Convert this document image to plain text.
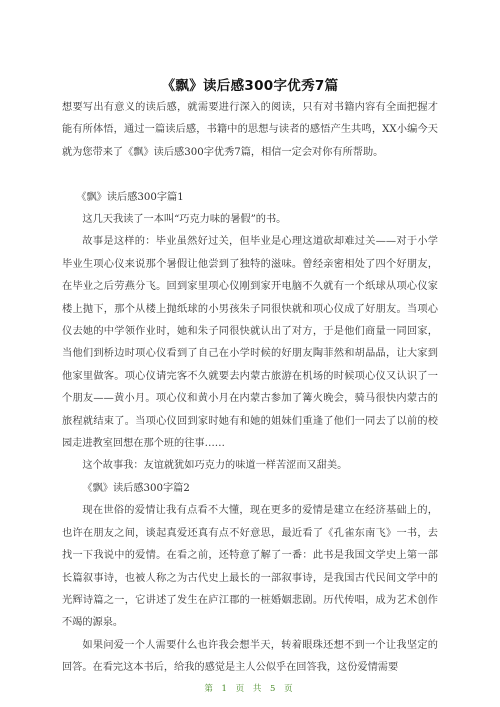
《飘》读后感300字优秀7篇

想要写出有意义的读后感，就需要进行深入的阅读，只有对书籍内容有全面把握才能有所体悟，通过一篇读后感，书籍中的思想与读者的感悟产生共鸣，XX小编今天就为您带来了《飘》读后感300字优秀7篇，相信一定会对你有所帮助。

《飘》读后感300字篇1

这几天我读了一本叫“巧克力味的暑假”的书。

故事是这样的：毕业虽然好过关，但毕业是心理这道砍却难过关——对于小学毕业生项心仪来说那个暑假让他尝到了独特的滋味。曾经亲密相处了四个好朋友，在毕业之后劳燕分飞。回到家里项心仪刚到家开电脑不久就有一个纸球从项心仪家楼上抛下，那个从楼上抛纸球的小男孩朱子同很快就和项心仪成了好朋友。当项心仪去她的中学领作业时，她和朱子同很快就认出了对方，于是他们商量一同回家，当他们到桥边时项心仪看到了自己在小学时候的好朋友陶菲然和胡晶晶，让大家到他家里做客。项心仪请完客不久就要去内蒙古旅游在机场的时候项心仪又认识了一个朋友——黄小月。项心仪和黄小月在内蒙古参加了篝火晚会，骑马很快内蒙古的旅程就结束了。当项心仪回到家时她有和她的姐妹们重逢了他们一同去了以前的校园走进教室回想在那个班的往事……

这个故事我：友谊就犹如巧克力的味道一样苦涩而又甜美。

《飘》读后感300字篇2

现在世俗的爱情让我有点看不大懂，现在更多的爱情是建立在经济基础上的，也许在朋友之间，谈起真爱还真有点不好意思，最近看了《孔雀东南飞》一书，去找一下我说中的爱情。在看之前，还特意了解了一番：此书是我国文学史上第一部长篇叙事诗，也被人称之为古代史上最长的一部叙事诗，是我国古代民间文学中的光辉诗篇之一，它讲述了发生在庐江郡的一桩婚姻悲剧。历代传唱，成为艺术创作不竭的源泉。

如果问爱一个人需要什么也许我会想半天，转着眼珠还想不到一个让我坚定的回答。在看完这本书后，给我的感觉是主人公似乎在回答我，这份爱情需要

第 1 页 共 5 页
